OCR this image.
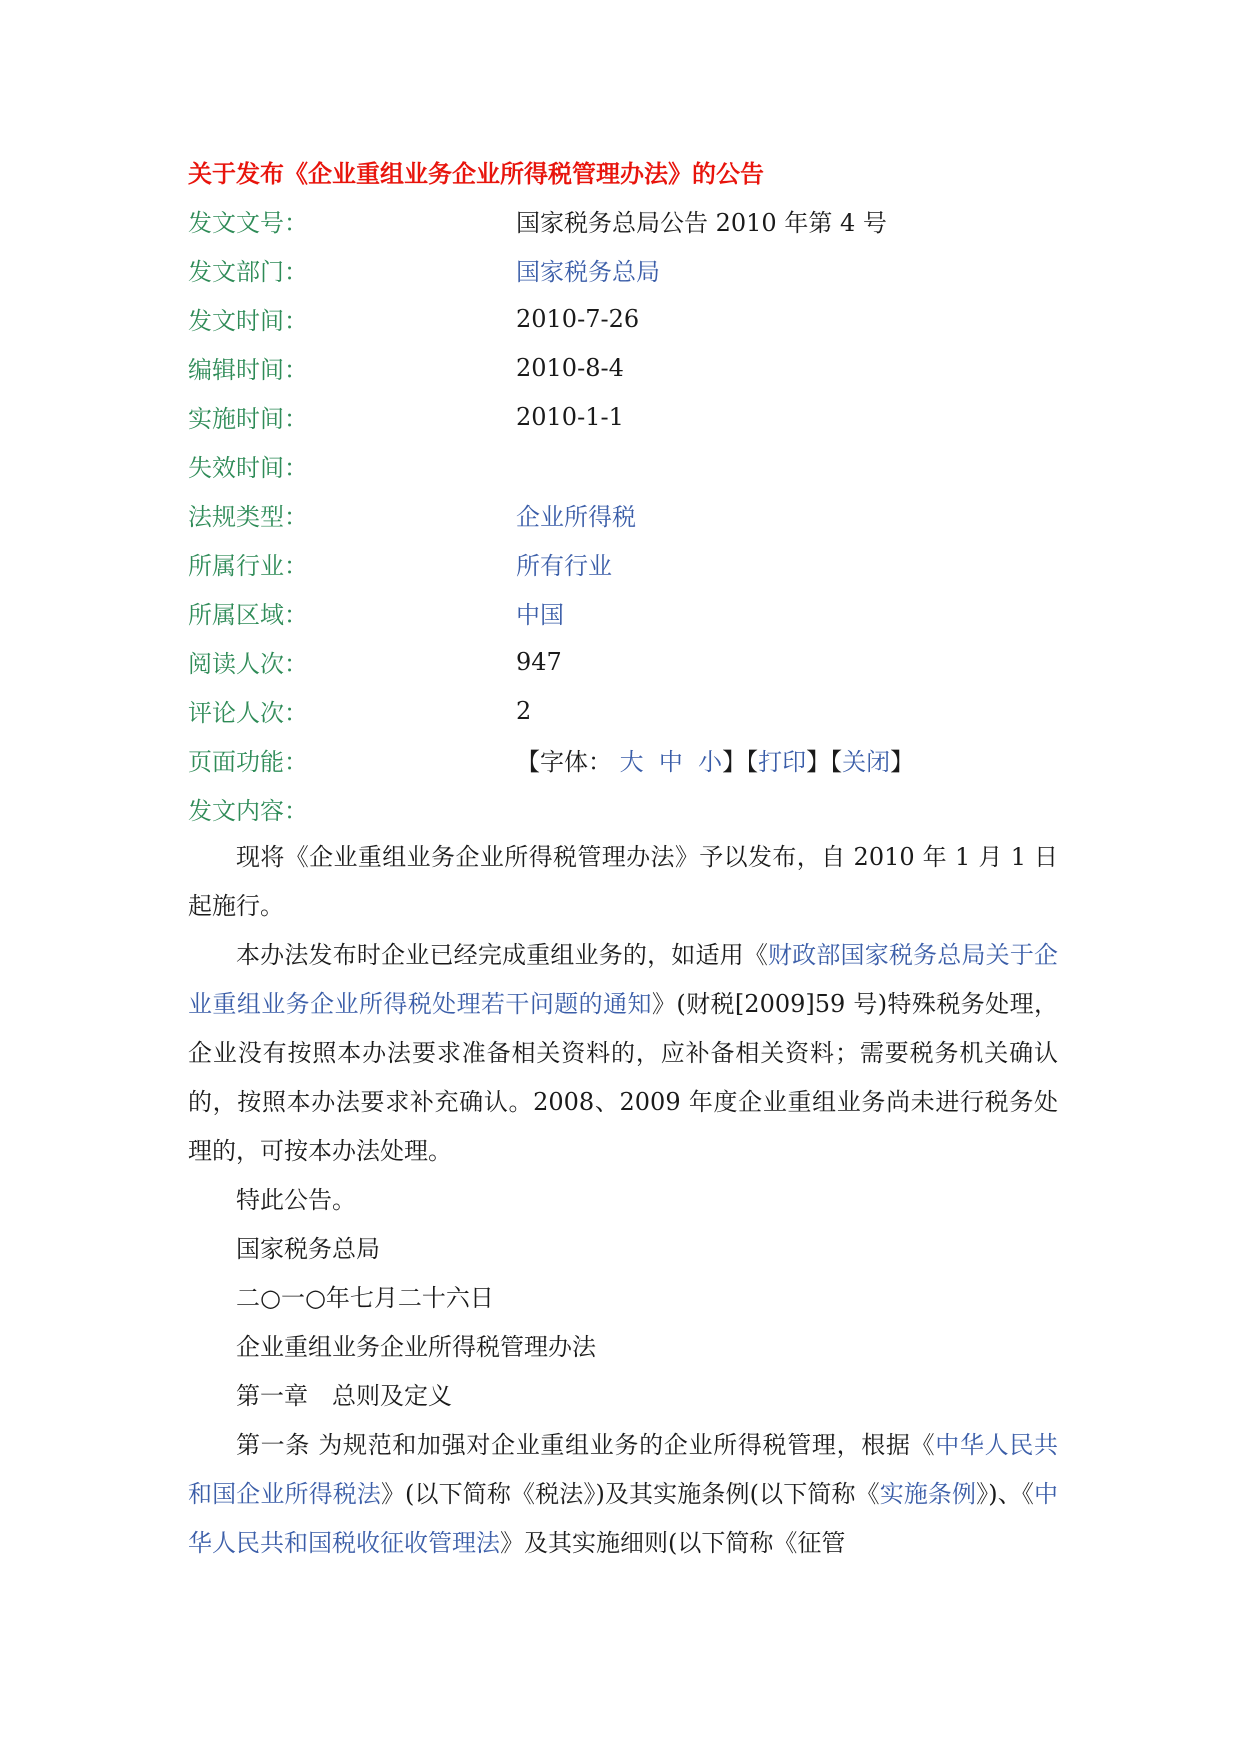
关于发布《企业重组业务企业所得税管理办法》的公告
发文文号：	国家税务总局公告 2010 年第 4 号
发文部门：	国家税务总局
发文时间：	2010-7-26
编辑时间：	2010-8-4
实施时间：	2010-1-1
失效时间：
法规类型：	企业所得税
所属行业：	所有行业
所属区域：	中国
阅读人次：	947
评论人次：	2
页面功能：	【字体： 大 中 小】【打印】【关闭】
发文内容：

现将《企业重组业务企业所得税管理办法》予以发布，自 2010 年 1 月 1 日起施行。

本办法发布时企业已经完成重组业务的，如适用《财政部国家税务总局关于企业重组业务企业所得税处理若干问题的通知》(财税[2009]59 号)特殊税务处理，企业没有按照本办法要求准备相关资料的，应补备相关资料；需要税务机关确认的，按照本办法要求补充确认。2008、2009 年度企业重组业务尚未进行税务处理的，可按本办法处理。

特此公告。

国家税务总局

二○一○年七月二十六日

企业重组业务企业所得税管理办法

第一章　总则及定义

第一条 为规范和加强对企业重组业务的企业所得税管理，根据《中华人民共和国企业所得税法》(以下简称《税法》)及其实施条例(以下简称《实施条例》)、《中华人民共和国税收征收管理法》及其实施细则(以下简称《征管
